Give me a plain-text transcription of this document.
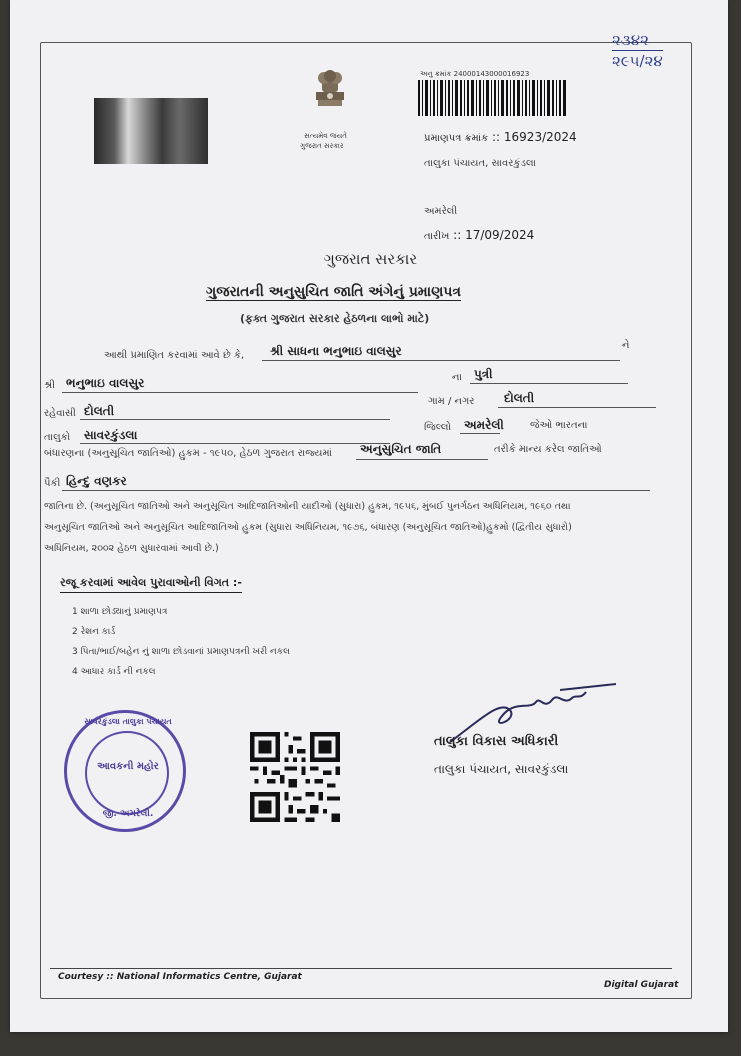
૨૩૪૨
૨૯૫/૨૪
સત્યમેવ જયતે
ગુજરાત સરકાર
અનુ ક્રમાંક 24000143000016923
પ્રમાણપત્ર ક્રમાંક :: 16923/2024
તાલુકા પંચાયત, સાવરકુંડલા
અમરેલી
તારીખ :: 17/09/2024
ગુજરાત સરકાર
ગુજરાતની અનુસુચિત જાતિ અંગેનું પ્રમાણપત્ર
(ફક્ત ગુજરાત સરકાર હેઠળના લાભો માટે)
આથી પ્રમાણિત કરવામાં આવે છે કે, શ્રી સાધના ભનુભાઇ વાલસુર	ને
શ્રી ભનુભાઇ વાલસુર	ના પુત્રી
રહેવાસી દોલતી
ગામ / નગર દોલતી
તાલુકો સાવરકુંડલા
જિલ્લો અમરેલી	જેઓ ભારતના
બંધારણના (અનુસૂચિત જાતિઓ) હુકમ - ૧૯૫૦, હેઠળ ગુજરાત રાજ્યમાં અનુસુચિત જાતિ	તરીકે માન્ય કરેલ જાતિઓ
પૈકી હિન્દુ વણકર
જાતિના છે. (અનુસૂચિત જાતિઓ અને અનુસૂચિત આદિજાતિઓની યાદીઓ (સુધારા) હુકમ, ૧૯૫૬, મુંબઈ પુનર્ગઠન અધિનિયમ, ૧૯૬૦ તથા
અનુસૂચિત જાતિઓ અને અનુસૂચિત આદિજાતિઓ હુકમ (સુધારા અધિનિયમ, ૧૯૭૬, બંધારણ (અનુસૂચિત જાતિઓ)હુકમો (દ્વિતીય સુધારો)
અધિનિયમ, ૨૦૦૨ હેઠળ સુધારવામાં આવી છે.)
રજૂ કરવામાં આવેલ પુરાવાઓની વિગત :-
1 શાળા છોડ્યાનું પ્રમાણપત્ર
2 રેશન કાર્ડ
3 પિતા/ભાઈ/બહેન નું શાળા છોડવાનાં પ્રમાણપત્રની ખરી નકલ
4 આધાર કાર્ડ ની નકલ
સાવરકુંડલા તાલુકા પંચાયત
આવકની મહોર
જી. અમરેલી.
તાલુકા વિકાસ અધિકારી
તાલુકા પંચાયત, સાવરકુંડલા
Courtesy :: National Informatics Centre, Gujarat
Digital Gujarat
